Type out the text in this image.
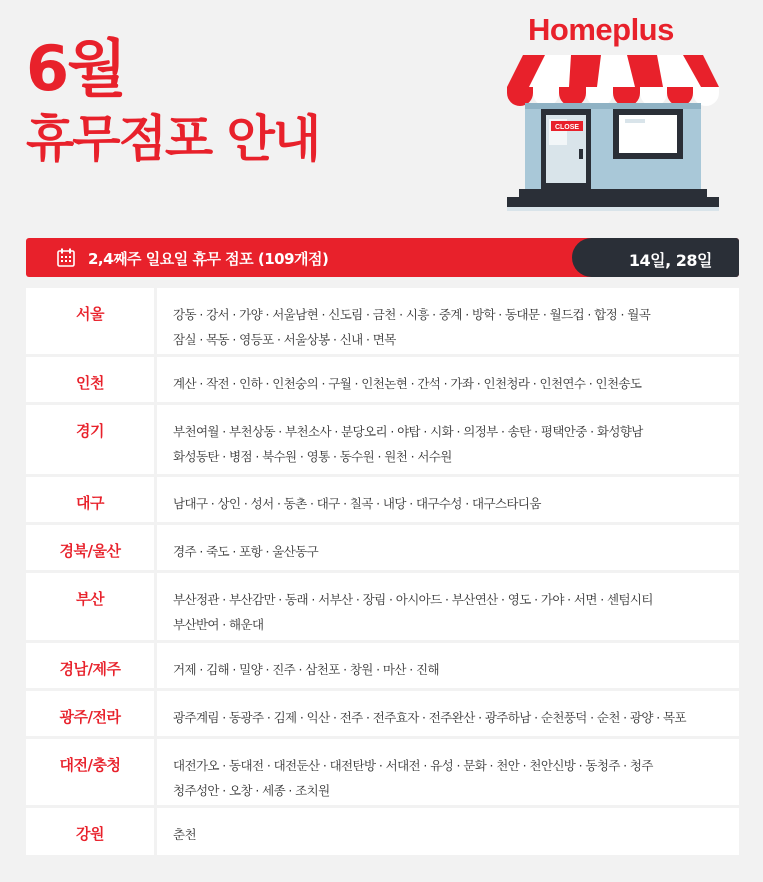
6월
휴무점포 안내
Homeplus
CLOSE
2,4째주 일요일 휴무 점포 (109개점)	14일, 28일
서울	강동 · 강서 · 가양 · 서울남현 · 신도림 · 금천 · 시흥 · 중계 · 방학 · 동대문 · 월드컵 · 합정 · 월곡
잠실 · 목동 · 영등포 · 서울상봉 · 신내 · 면목
인천	계산 · 작전 · 인하 · 인천숭의 · 구월 · 인천논현 · 간석 · 가좌 · 인천청라 · 인천연수 · 인천송도
경기	부천여월 · 부천상동 · 부천소사 · 분당오리 · 야탑 · 시화 · 의정부 · 송탄 · 평택안중 · 화성향남
화성동탄 · 병점 · 북수원 · 영통 · 동수원 · 원천 · 서수원
대구	남대구 · 상인 · 성서 · 동촌 · 대구 · 칠곡 · 내당 · 대구수성 · 대구스타디움
경북/울산	경주 · 죽도 · 포항 · 울산동구
부산	부산정관 · 부산감만 · 동래 · 서부산 · 장림 · 아시아드 · 부산연산 · 영도 · 가야 · 서면 · 센텀시티
부산반여 · 해운대
경남/제주	거제 · 김해 · 밀양 · 진주 · 삼천포 · 창원 · 마산 · 진해
광주/전라	광주계림 · 동광주 · 김제 · 익산 · 전주 · 전주효자 · 전주완산 · 광주하남 · 순천풍덕 · 순천 · 광양 · 목포
대전/충청	대전가오 · 동대전 · 대전둔산 · 대전탄방 · 서대전 · 유성 · 문화 · 천안 · 천안신방 · 동청주 · 청주
청주성안 · 오창 · 세종 · 조치원
강원	춘천
